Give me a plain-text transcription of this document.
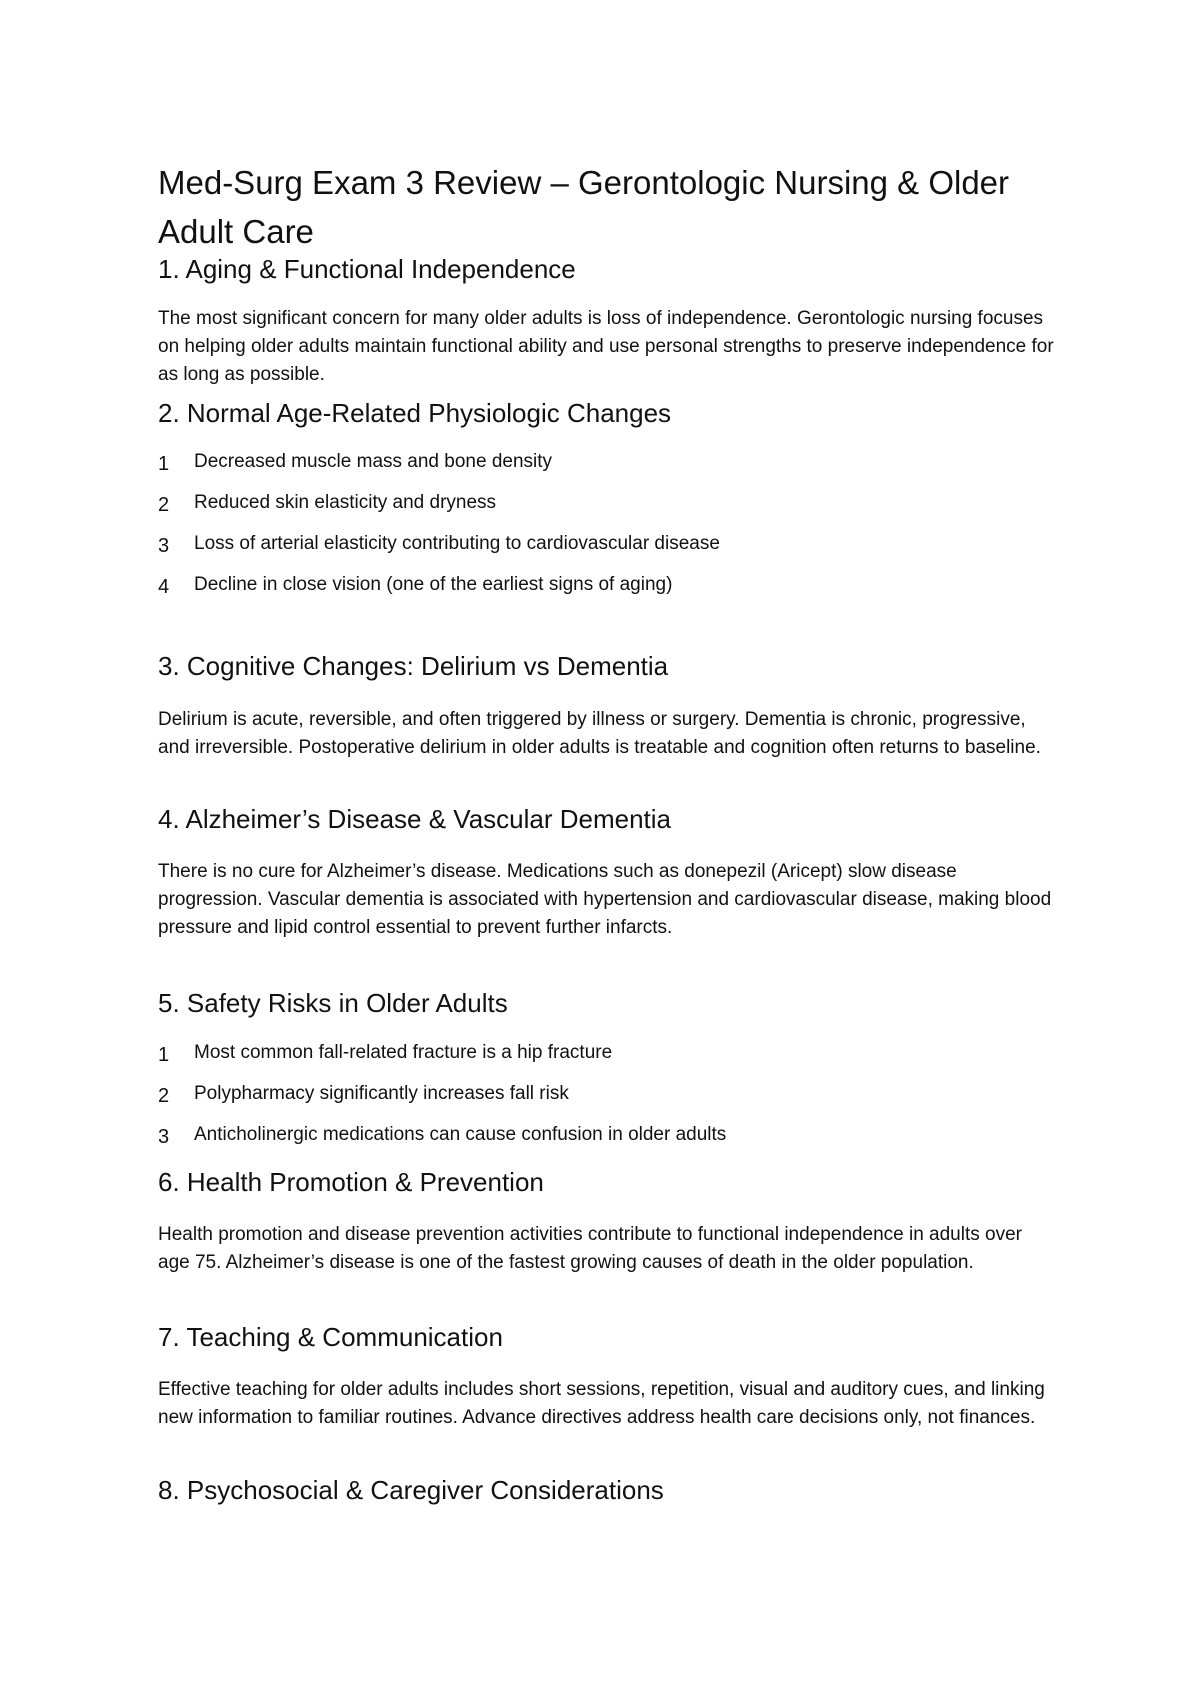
Med-Surg Exam 3 Review – Gerontologic Nursing & Older Adult Care
1. Aging & Functional Independence

The most significant concern for many older adults is loss of independence. Gerontologic nursing focuses on helping older adults maintain functional ability and use personal strengths to preserve independence for as long as possible.

2. Normal Age-Related Physiologic Changes
1	Decreased muscle mass and bone density
2	Reduced skin elasticity and dryness
3	Loss of arterial elasticity contributing to cardiovascular disease
4	Decline in close vision (one of the earliest signs of aging)
3. Cognitive Changes: Delirium vs Dementia

Delirium is acute, reversible, and often triggered by illness or surgery. Dementia is chronic, progressive, and irreversible. Postoperative delirium in older adults is treatable and cognition often returns to baseline.

4. Alzheimer’s Disease & Vascular Dementia

There is no cure for Alzheimer’s disease. Medications such as donepezil (Aricept) slow disease progression. Vascular dementia is associated with hypertension and cardiovascular disease, making blood pressure and lipid control essential to prevent further infarcts.

5. Safety Risks in Older Adults
1	Most common fall-related fracture is a hip fracture
2	Polypharmacy significantly increases fall risk
3	Anticholinergic medications can cause confusion in older adults
6. Health Promotion & Prevention

Health promotion and disease prevention activities contribute to functional independence in adults over age 75. Alzheimer’s disease is one of the fastest growing causes of death in the older population.

7. Teaching & Communication

Effective teaching for older adults includes short sessions, repetition, visual and auditory cues, and linking new information to familiar routines. Advance directives address health care decisions only, not finances.

8. Psychosocial & Caregiver Considerations
